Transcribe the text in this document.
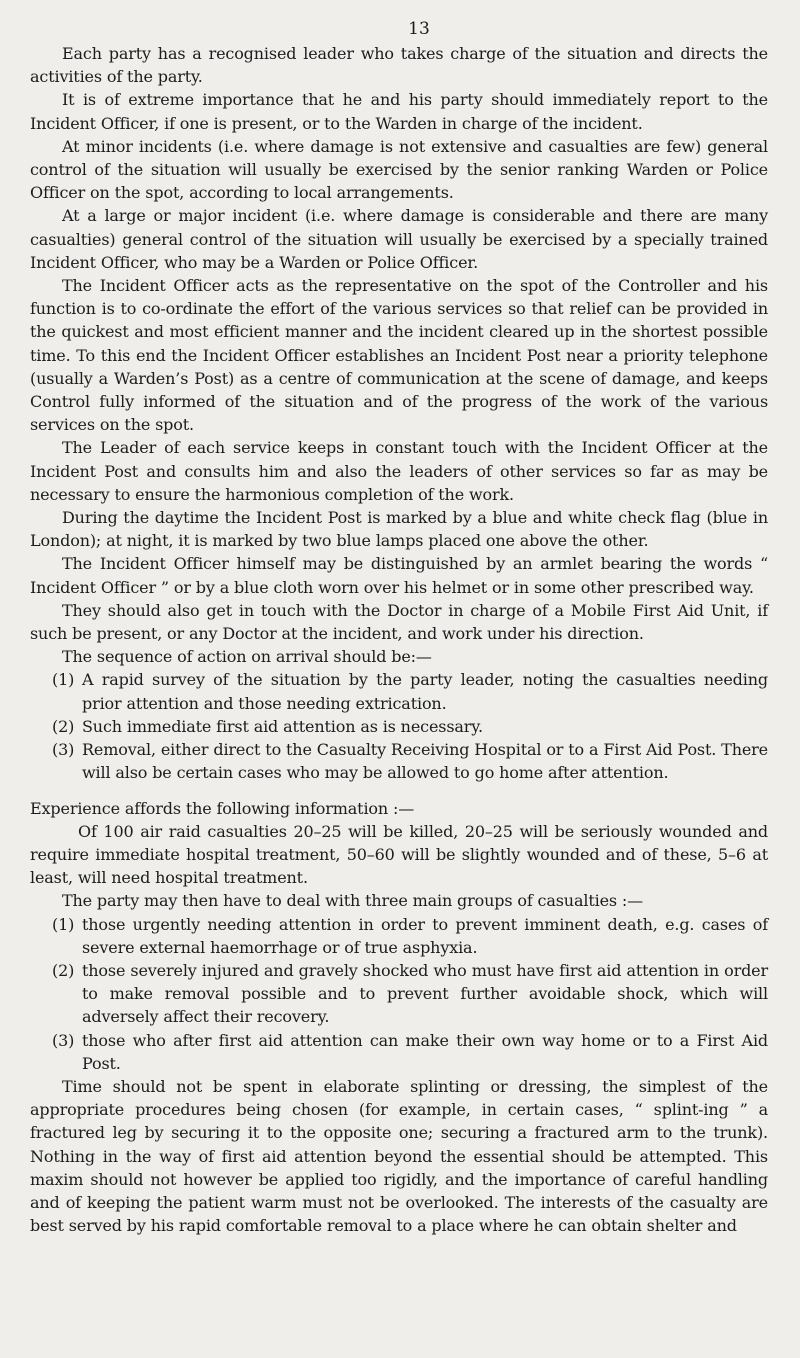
13

Each party has a recognised leader who takes charge of the situation and directs the activities of the party.

It is of extreme importance that he and his party should immediately report to the Incident Officer, if one is present, or to the Warden in charge of the incident.

At minor incidents (i.e. where damage is not extensive and casualties are few) general control of the situation will usually be exercised by the senior ranking Warden or Police Officer on the spot, according to local arrangements.

At a large or major incident (i.e. where damage is considerable and there are many casualties) general control of the situation will usually be exercised by a specially trained Incident Officer, who may be a Warden or Police Officer.

The Incident Officer acts as the representative on the spot of the Controller and his function is to co-ordinate the effort of the various services so that relief can be provided in the quickest and most efficient manner and the incident cleared up in the shortest possible time. To this end the Incident Officer establishes an Incident Post near a priority telephone (usually a Warden’s Post) as a centre of communication at the scene of damage, and keeps Control fully informed of the situation and of the progress of the work of the various services on the spot.

The Leader of each service keeps in constant touch with the Incident Officer at the Incident Post and consults him and also the leaders of other services so far as may be necessary to ensure the harmonious completion of the work.

During the daytime the Incident Post is marked by a blue and white check flag (blue in London); at night, it is marked by two blue lamps placed one above the other.

The Incident Officer himself may be distinguished by an armlet bearing the words “ Incident Officer ” or by a blue cloth worn over his helmet or in some other prescribed way.

They should also get in touch with the Doctor in charge of a Mobile First Aid Unit, if such be present, or any Doctor at the incident, and work under his direction.

The sequence of action on arrival should be:—

(1) A rapid survey of the situation by the party leader, noting the casualties needing prior attention and those needing extrication.
(2) Such immediate first aid attention as is necessary.
(3) Removal, either direct to the Casualty Receiving Hospital or to a First Aid Post. There will also be certain cases who may be allowed to go home after attention.

Experience affords the following information :—

Of 100 air raid casualties 20–25 will be killed, 20–25 will be seriously wounded and require immediate hospital treatment, 50–60 will be slightly wounded and of these, 5–6 at least, will need hospital treatment.

The party may then have to deal with three main groups of casualties :—

(1) those urgently needing attention in order to prevent imminent death, e.g. cases of severe external haemorrhage or of true asphyxia.
(2) those severely injured and gravely shocked who must have first aid attention in order to make removal possible and to prevent further avoidable shock, which will adversely affect their recovery.
(3) those who after first aid attention can make their own way home or to a First Aid Post.

Time should not be spent in elaborate splinting or dressing, the simplest of the appropriate procedures being chosen (for example, in certain cases, “ splint-ing ” a fractured leg by securing it to the opposite one; securing a fractured arm to the trunk). Nothing in the way of first aid attention beyond the essential should be attempted. This maxim should not however be applied too rigidly, and the importance of careful handling and of keeping the patient warm must not be overlooked. The interests of the casualty are best served by his rapid comfortable removal to a place where he can obtain shelter and
